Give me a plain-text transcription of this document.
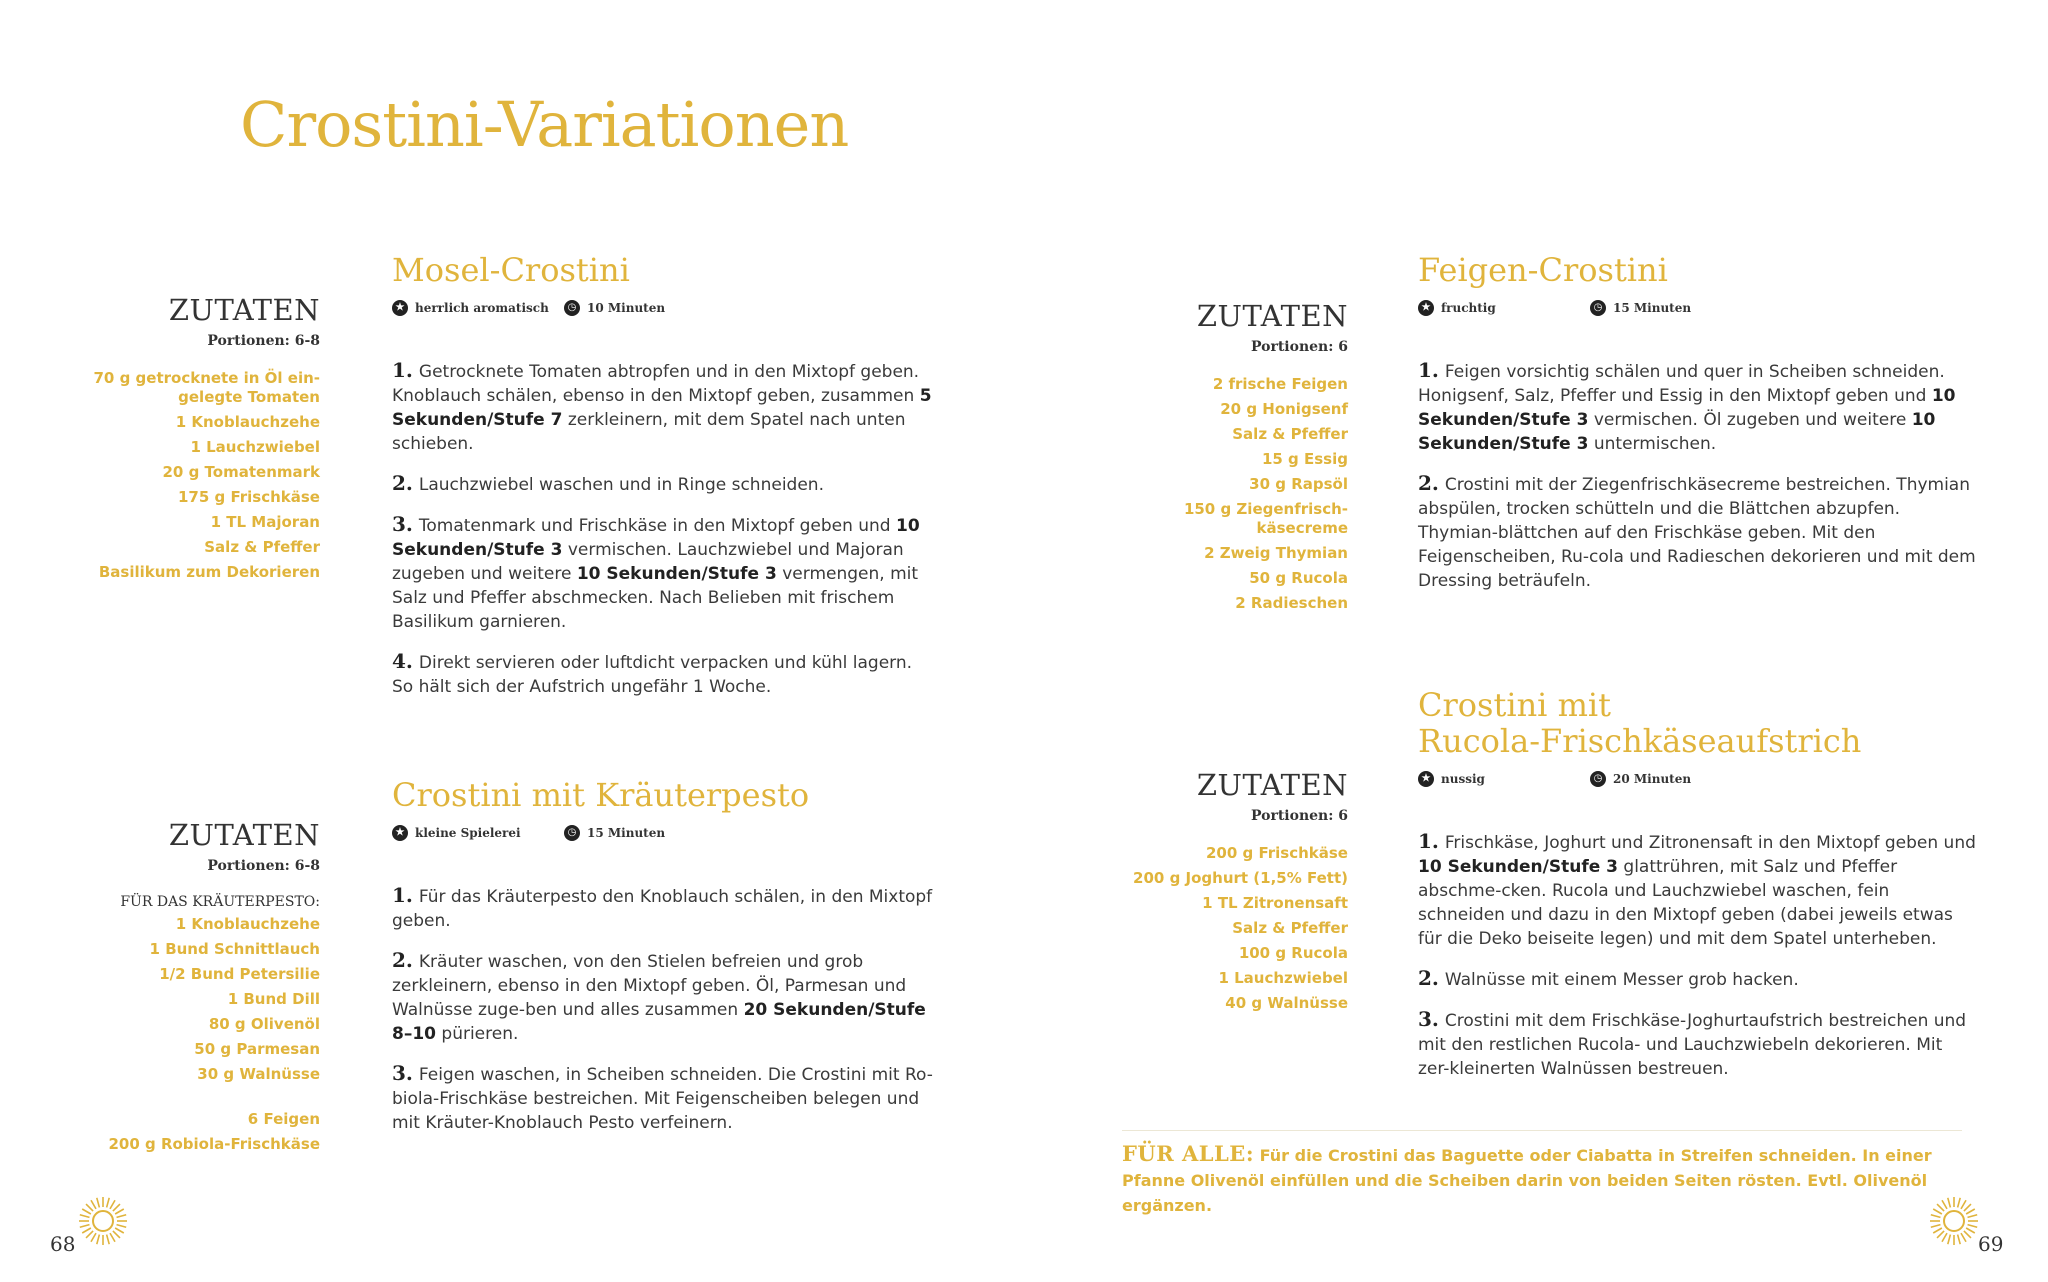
Crostini-Variationen
ZUTATEN
Portionen: 6-8
70 g getrocknete in Öl ein-
gelegte Tomaten
1 Knoblauchzehe
1 Lauchzwiebel
20 g Tomatenmark
175 g Frischkäse
1 TL Majoran
Salz & Pfeffer
Basilikum zum Dekorieren
Mosel-Crostini
★ herrlich aromatisch	◷ 10 Minuten
1. Getrocknete Tomaten abtropfen und in den Mixtopf geben. Knoblauch schälen, ebenso in den Mixtopf geben, zusammen 5 Sekunden/Stufe 7 zerkleinern, mit dem Spatel nach unten schieben.
2. Lauchzwiebel waschen und in Ringe schneiden.
3. Tomatenmark und Frischkäse in den Mixtopf geben und 10 Sekunden/Stufe 3 vermischen. Lauchzwiebel und Majoran zugeben und weitere 10 Sekunden/Stufe 3 vermengen, mit Salz und Pfeffer abschmecken. Nach Belieben mit frischem Basilikum garnieren.
4. Direkt servieren oder luftdicht verpacken und kühl lagern. So hält sich der Aufstrich ungefähr 1 Woche.
ZUTATEN
Portionen: 6-8
FÜR DAS KRÄUTERPESTO:
1 Knoblauchzehe
1 Bund Schnittlauch
1/2 Bund Petersilie
1 Bund Dill
80 g Olivenöl
50 g Parmesan
30 g Walnüsse
6 Feigen
200 g Robiola-Frischkäse
Crostini mit Kräuterpesto
★ kleine Spielerei	◷ 15 Minuten
1. Für das Kräuterpesto den Knoblauch schälen, in den Mixtopf geben.
2. Kräuter waschen, von den Stielen befreien und grob zerkleinern, ebenso in den Mixtopf geben. Öl, Parmesan und Walnüsse zuge-ben und alles zusammen 20 Sekunden/Stufe 8–10 pürieren.
3. Feigen waschen, in Scheiben schneiden. Die Crostini mit Ro-biola-Frischkäse bestreichen. Mit Feigenscheiben belegen und mit Kräuter-Knoblauch Pesto verfeinern.
ZUTATEN
Portionen: 6
2 frische Feigen
20 g Honigsenf
Salz & Pfeffer
15 g Essig
30 g Rapsöl
150 g Ziegenfrisch-
käsecreme
2 Zweig Thymian
50 g Rucola
2 Radieschen
Feigen-Crostini
★ fruchtig	◷ 15 Minuten
1. Feigen vorsichtig schälen und quer in Scheiben schneiden. Honigsenf, Salz, Pfeffer und Essig in den Mixtopf geben und 10 Sekunden/Stufe 3 vermischen. Öl zugeben und weitere 10 Sekunden/Stufe 3 untermischen.
2. Crostini mit der Ziegenfrischkäsecreme bestreichen. Thymian abspülen, trocken schütteln und die Blättchen abzupfen. Thymian-blättchen auf den Frischkäse geben. Mit den Feigenscheiben, Ru-cola und Radieschen dekorieren und mit dem Dressing beträufeln.
ZUTATEN
Portionen: 6
200 g Frischkäse
200 g Joghurt (1,5% Fett)
1 TL Zitronensaft
Salz & Pfeffer
100 g Rucola
1 Lauchzwiebel
40 g Walnüsse
Crostini mit
Rucola-Frischkäseaufstrich
★ nussig	◷ 20 Minuten
1. Frischkäse, Joghurt und Zitronensaft in den Mixtopf geben und 10 Sekunden/Stufe 3 glattrühren, mit Salz und Pfeffer abschme-cken. Rucola und Lauchzwiebel waschen, fein schneiden und dazu in den Mixtopf geben (dabei jeweils etwas für die Deko beiseite legen) und mit dem Spatel unterheben.
2. Walnüsse mit einem Messer grob hacken.
3. Crostini mit dem Frischkäse-Joghurtaufstrich bestreichen und mit den restlichen Rucola- und Lauchzwiebeln dekorieren. Mit zer-kleinerten Walnüssen bestreuen.
FÜR ALLE: Für die Crostini das Baguette oder Ciabatta in Streifen schneiden. In einer Pfanne Olivenöl einfüllen und die Scheiben darin von beiden Seiten rösten. Evtl. Olivenöl ergänzen.
68	69
